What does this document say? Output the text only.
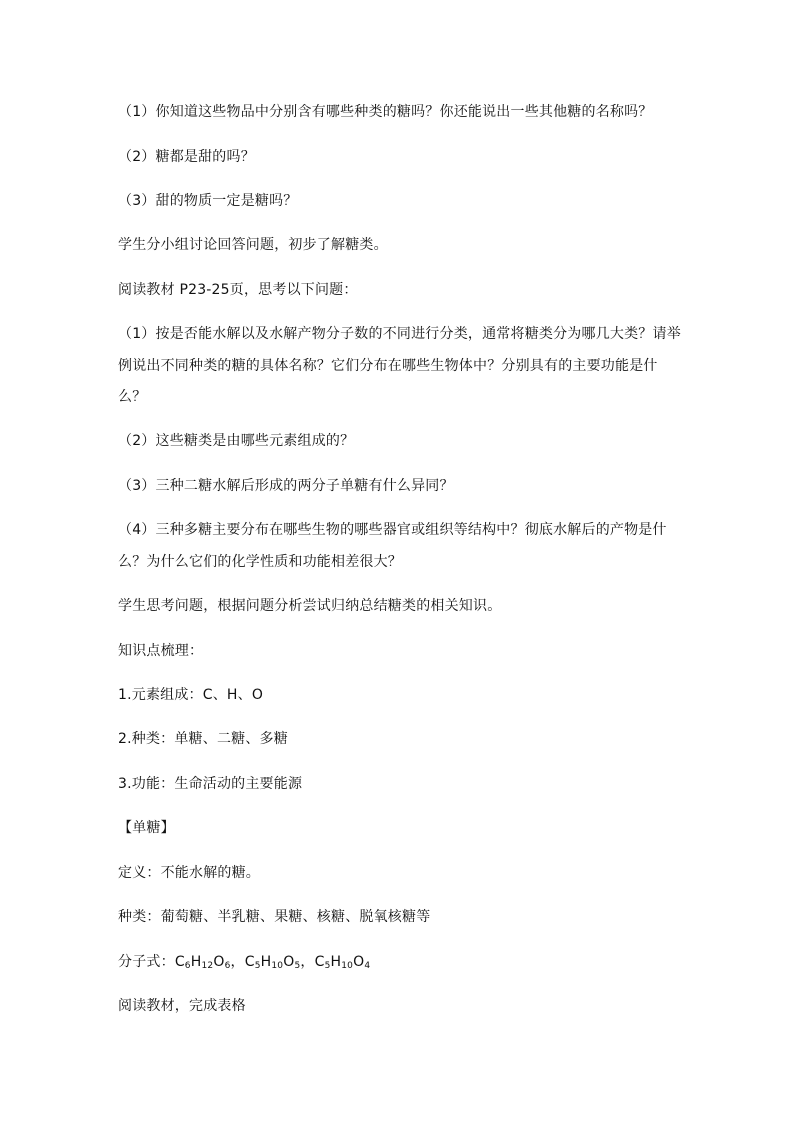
（1）你知道这些物品中分别含有哪些种类的糖吗？你还能说出一些其他糖的名称吗？
（2）糖都是甜的吗？
（3）甜的物质一定是糖吗？
学生分小组讨论回答问题，初步了解糖类。
阅读教材 P23-25页，思考以下问题：
（1）按是否能水解以及水解产物分子数的不同进行分类，通常将糖类分为哪几大类？请举
例说出不同种类的糖的具体名称？它们分布在哪些生物体中？分别具有的主要功能是什
么？
（2）这些糖类是由哪些元素组成的？
（3）三种二糖水解后形成的两分子单糖有什么异同？
（4）三种多糖主要分布在哪些生物的哪些器官或组织等结构中？彻底水解后的产物是什
么？为什么它们的化学性质和功能相差很大？
学生思考问题，根据问题分析尝试归纳总结糖类的相关知识。
知识点梳理：
1.元素组成：C、H、O
2.种类：单糖、二糖、多糖
3.功能：生命活动的主要能源
【单糖】
定义：不能水解的糖。
种类：葡萄糖、半乳糖、果糖、核糖、脱氧核糖等
分子式：$C_6H_{12}O_6$，$C_5H_{10}O_5$，$C_5H_{10}O_4$
阅读教材，完成表格
